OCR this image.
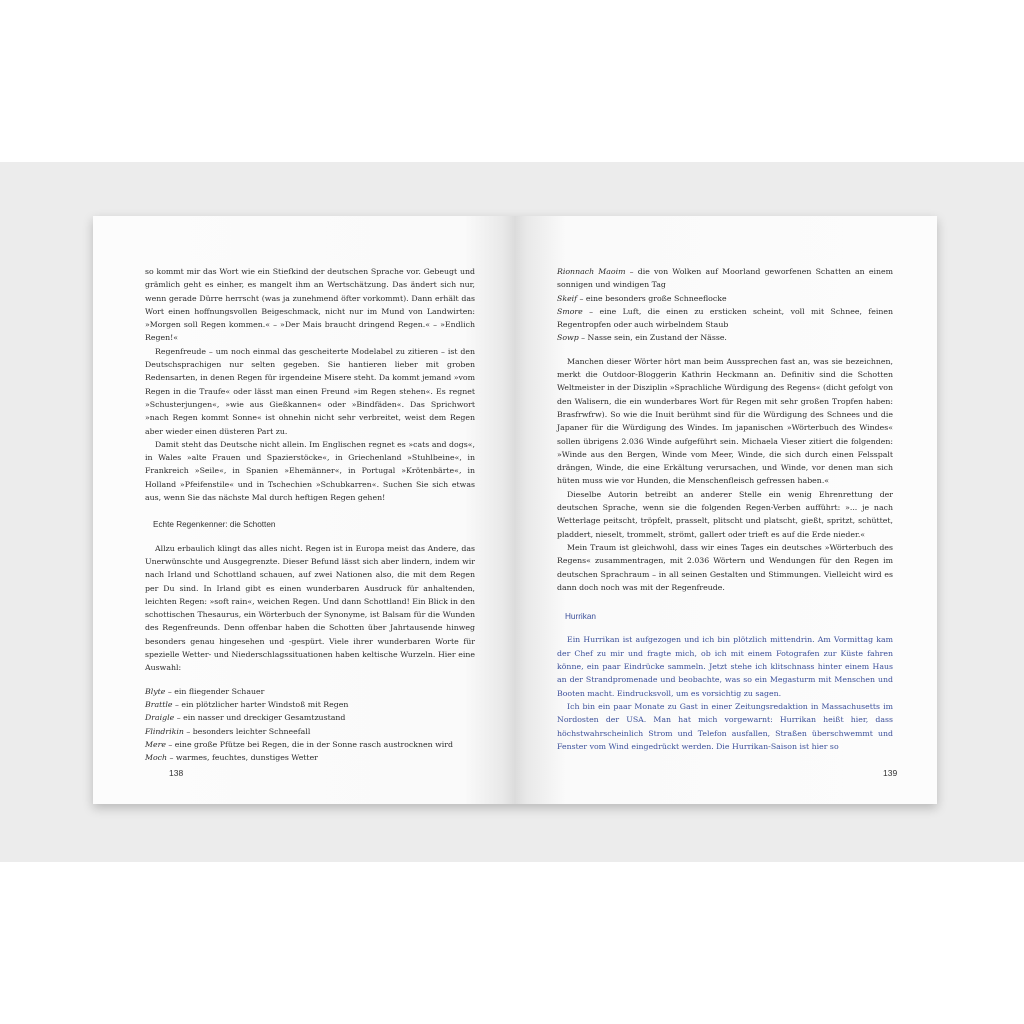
so kommt mir das Wort wie ein Stiefkind der deutschen Sprache vor. Gebeugt und grämlich geht es einher, es mangelt ihm an Wertschätzung. Das ändert sich nur, wenn gerade Dürre herrscht (was ja zunehmend öfter vorkommt). Dann erhält das Wort einen hoffnungsvollen Beigeschmack, nicht nur im Mund von Landwirten: »Morgen soll Regen kommen.« – »Der Mais braucht dringend Regen.« – »Endlich Regen!«

Regenfreude – um noch einmal das gescheiterte Modelabel zu zitieren – ist den Deutschsprachigen nur selten gegeben. Sie hantieren lieber mit groben Redensarten, in denen Regen für irgendeine Misere steht. Da kommt jemand »vom Regen in die Traufe« oder lässt man einen Freund »im Regen stehen«. Es regnet »Schusterjungen«, »wie aus Gießkannen« oder »Bindfäden«. Das Sprichwort »nach Regen kommt Sonne« ist ohnehin nicht sehr verbreitet, weist dem Regen aber wieder einen düsteren Part zu.

Damit steht das Deutsche nicht allein. Im Englischen regnet es »cats and dogs«, in Wales »alte Frauen und Spazierstöcke«, in Griechenland »Stuhlbeine«, in Frankreich »Seile«, in Spanien »Ehemänner«, in Portugal »Krötenbärte«, in Holland »Pfeifenstile« und in Tschechien »Schubkarren«. Suchen Sie sich etwas aus, wenn Sie das nächste Mal durch heftigen Regen gehen!

Echte Regenkenner: die Schotten

Allzu erbaulich klingt das alles nicht. Regen ist in Europa meist das Andere, das Unerwünschte und Ausgegrenzte. Dieser Befund lässt sich aber lindern, indem wir nach Irland und Schottland schauen, auf zwei Nationen also, die mit dem Regen per Du sind. In Irland gibt es einen wunderbaren Ausdruck für anhaltenden, leichten Regen: »soft rain«, weichen Regen. Und dann Schottland! Ein Blick in den schottischen Thesaurus, ein Wörterbuch der Synonyme, ist Balsam für die Wunden des Regenfreunds. Denn offenbar haben die Schotten über Jahrtausende hinweg besonders genau hingesehen und -gespürt. Viele ihrer wunderbaren Worte für spezielle Wetter- und Niederschlagssituationen haben keltische Wurzeln. Hier eine Auswahl:

Blyte – ein fliegender Schauer
Brattle – ein plötzlicher harter Windstoß mit Regen
Draigle – ein nasser und dreckiger Gesamtzustand
Flindrikin – besonders leichter Schneefall
Mere – eine große Pfütze bei Regen, die in der Sonne rasch austrocknen wird
Moch – warmes, feuchtes, dunstiges Wetter
138
Rionnach Maoim – die von Wolken auf Moorland geworfenen Schatten an einem sonnigen und windigen Tag
Skeif – eine besonders große Schneeflocke
Smore – eine Luft, die einen zu ersticken scheint, voll mit Schnee, feinen Regentropfen oder auch wirbelndem Staub
Sowp – Nasse sein, ein Zustand der Nässe.

Manchen dieser Wörter hört man beim Aussprechen fast an, was sie bezeichnen, merkt die Outdoor-Bloggerin Kathrin Heckmann an. Definitiv sind die Schotten Weltmeister in der Disziplin »Sprachliche Würdigung des Regens« (dicht gefolgt von den Walisern, die ein wunderbares Wort für Regen mit sehr großen Tropfen haben: Brasfrwfrw). So wie die Inuit berühmt sind für die Würdigung des Schnees und die Japaner für die Würdigung des Windes. Im japanischen »Wörterbuch des Windes« sollen übrigens 2.036 Winde aufgeführt sein. Michaela Vieser zitiert die folgenden: »Winde aus den Bergen, Winde vom Meer, Winde, die sich durch einen Felsspalt drängen, Winde, die eine Erkältung verursachen, und Winde, vor denen man sich hüten muss wie vor Hunden, die Menschenfleisch gefressen haben.«

Dieselbe Autorin betreibt an anderer Stelle ein wenig Ehrenrettung der deutschen Sprache, wenn sie die folgenden Regen-Verben aufführt: »... je nach Wetterlage peitscht, tröpfelt, prasselt, plitscht und platscht, gießt, spritzt, schüttet, pladdert, nieselt, trommelt, strömt, gallert oder trieft es auf die Erde nieder.«

Mein Traum ist gleichwohl, dass wir eines Tages ein deutsches »Wörterbuch des Regens« zusammentragen, mit 2.036 Wörtern und Wendungen für den Regen im deutschen Sprachraum – in all seinen Gestalten und Stimmungen. Vielleicht wird es dann doch noch was mit der Regenfreude.

Hurrikan

Ein Hurrikan ist aufgezogen und ich bin plötzlich mittendrin. Am Vormittag kam der Chef zu mir und fragte mich, ob ich mit einem Fotografen zur Küste fahren könne, ein paar Eindrücke sammeln. Jetzt stehe ich klitschnass hinter einem Haus an der Strandpromenade und beobachte, was so ein Megasturm mit Menschen und Booten macht. Eindrucksvoll, um es vorsichtig zu sagen.

Ich bin ein paar Monate zu Gast in einer Zeitungsredaktion in Massachusetts im Nordosten der USA. Man hat mich vorgewarnt: Hurrikan heißt hier, dass höchstwahrscheinlich Strom und Telefon ausfallen, Straßen überschwemmt und Fenster vom Wind eingedrückt werden. Die Hurrikan-Saison ist hier so

139
